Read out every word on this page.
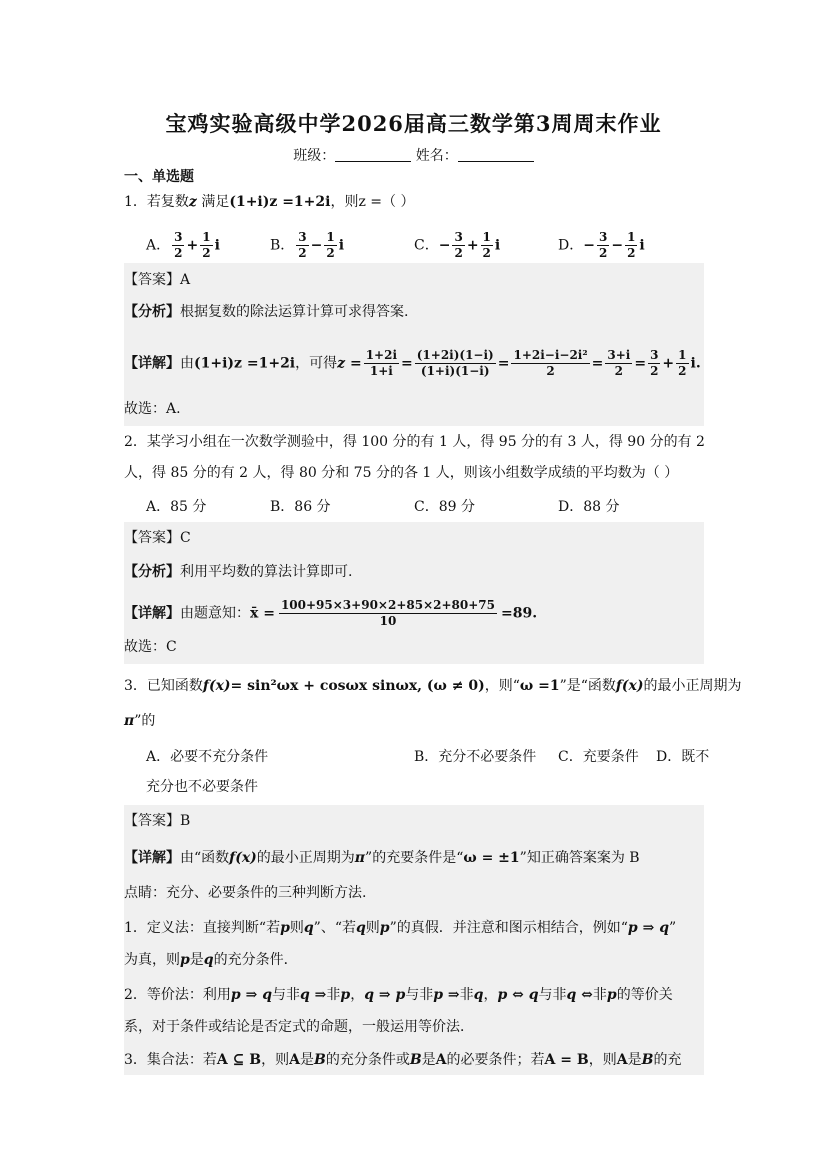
宝鸡实验高级中学2026届高三数学第3周周末作业
班级：	姓名：
一、单选题
1．若复数z 满足(1+i)z =1+2i，则z =（ ）
A． $\frac{3}{2} + \frac{1}{2}$ i	B． $\frac{3}{2} - \frac{1}{2}$ i	C．− $\frac{3}{2} + \frac{1}{2}$ i	D．− $\frac{3}{2} - \frac{1}{2}$ i
【答案】A
【分析】根据复数的除法运算计算可求得答案.
【详解】由(1+i)z =1+2i，可得$z = \frac{1+2i}{1+i} = \frac{(1+2i)(1-i)}{(1+i)(1-i)} = \frac{\text{1+2i−i−2i²}}{2} = \frac{3+i}{2} = \frac{3}{2} + \frac{1}{2} i$.
故选：A.
2．某学习小组在一次数学测验中，得 100 分的有 1 人，得 95 分的有 3 人，得 90 分的有 2
人，得 85 分的有 2 人，得 80 分和 75 分的各 1 人，则该小组数学成绩的平均数为（ ）
A．85 分	B．86 分	C．89 分	D．88 分
【答案】C
【分析】利用平均数的算法计算即可.
【详解】由题意知：x̄ = $\frac{100+95\times 3+90\times 2+85\times 2+80+75}{10} =89$.
故选：C
3．已知函数f(x)= sin²ωx + cosωx sinωx, (ω ≠ 0)，则“ω =1”是“函数f(x)的最小正周期为
π”的
A．必要不充分条件	B．充分不必要条件 C．充要条件 D．既不
充分也不必要条件
【答案】B
【详解】由“函数f(x)的最小正周期为π”的充要条件是“ω = ±1”知正确答案案为 B
点睛：充分、必要条件的三种判断方法.
1．定义法：直接判断“若p则q”、“若q则p”的真假．并注意和图示相结合，例如“p ⇒ q”
为真，则p是q的充分条件．
2．等价法：利用p ⇒ q与非q ⇒非p，q ⇒ p与非p ⇒非q，p ⇔ q与非q ⇔非p的等价关
系，对于条件或结论是否定式的命题，一般运用等价法．
3．集合法：若A ⊆ B，则A是B的充分条件或B是A的必要条件；若A = B，则A是B的充
